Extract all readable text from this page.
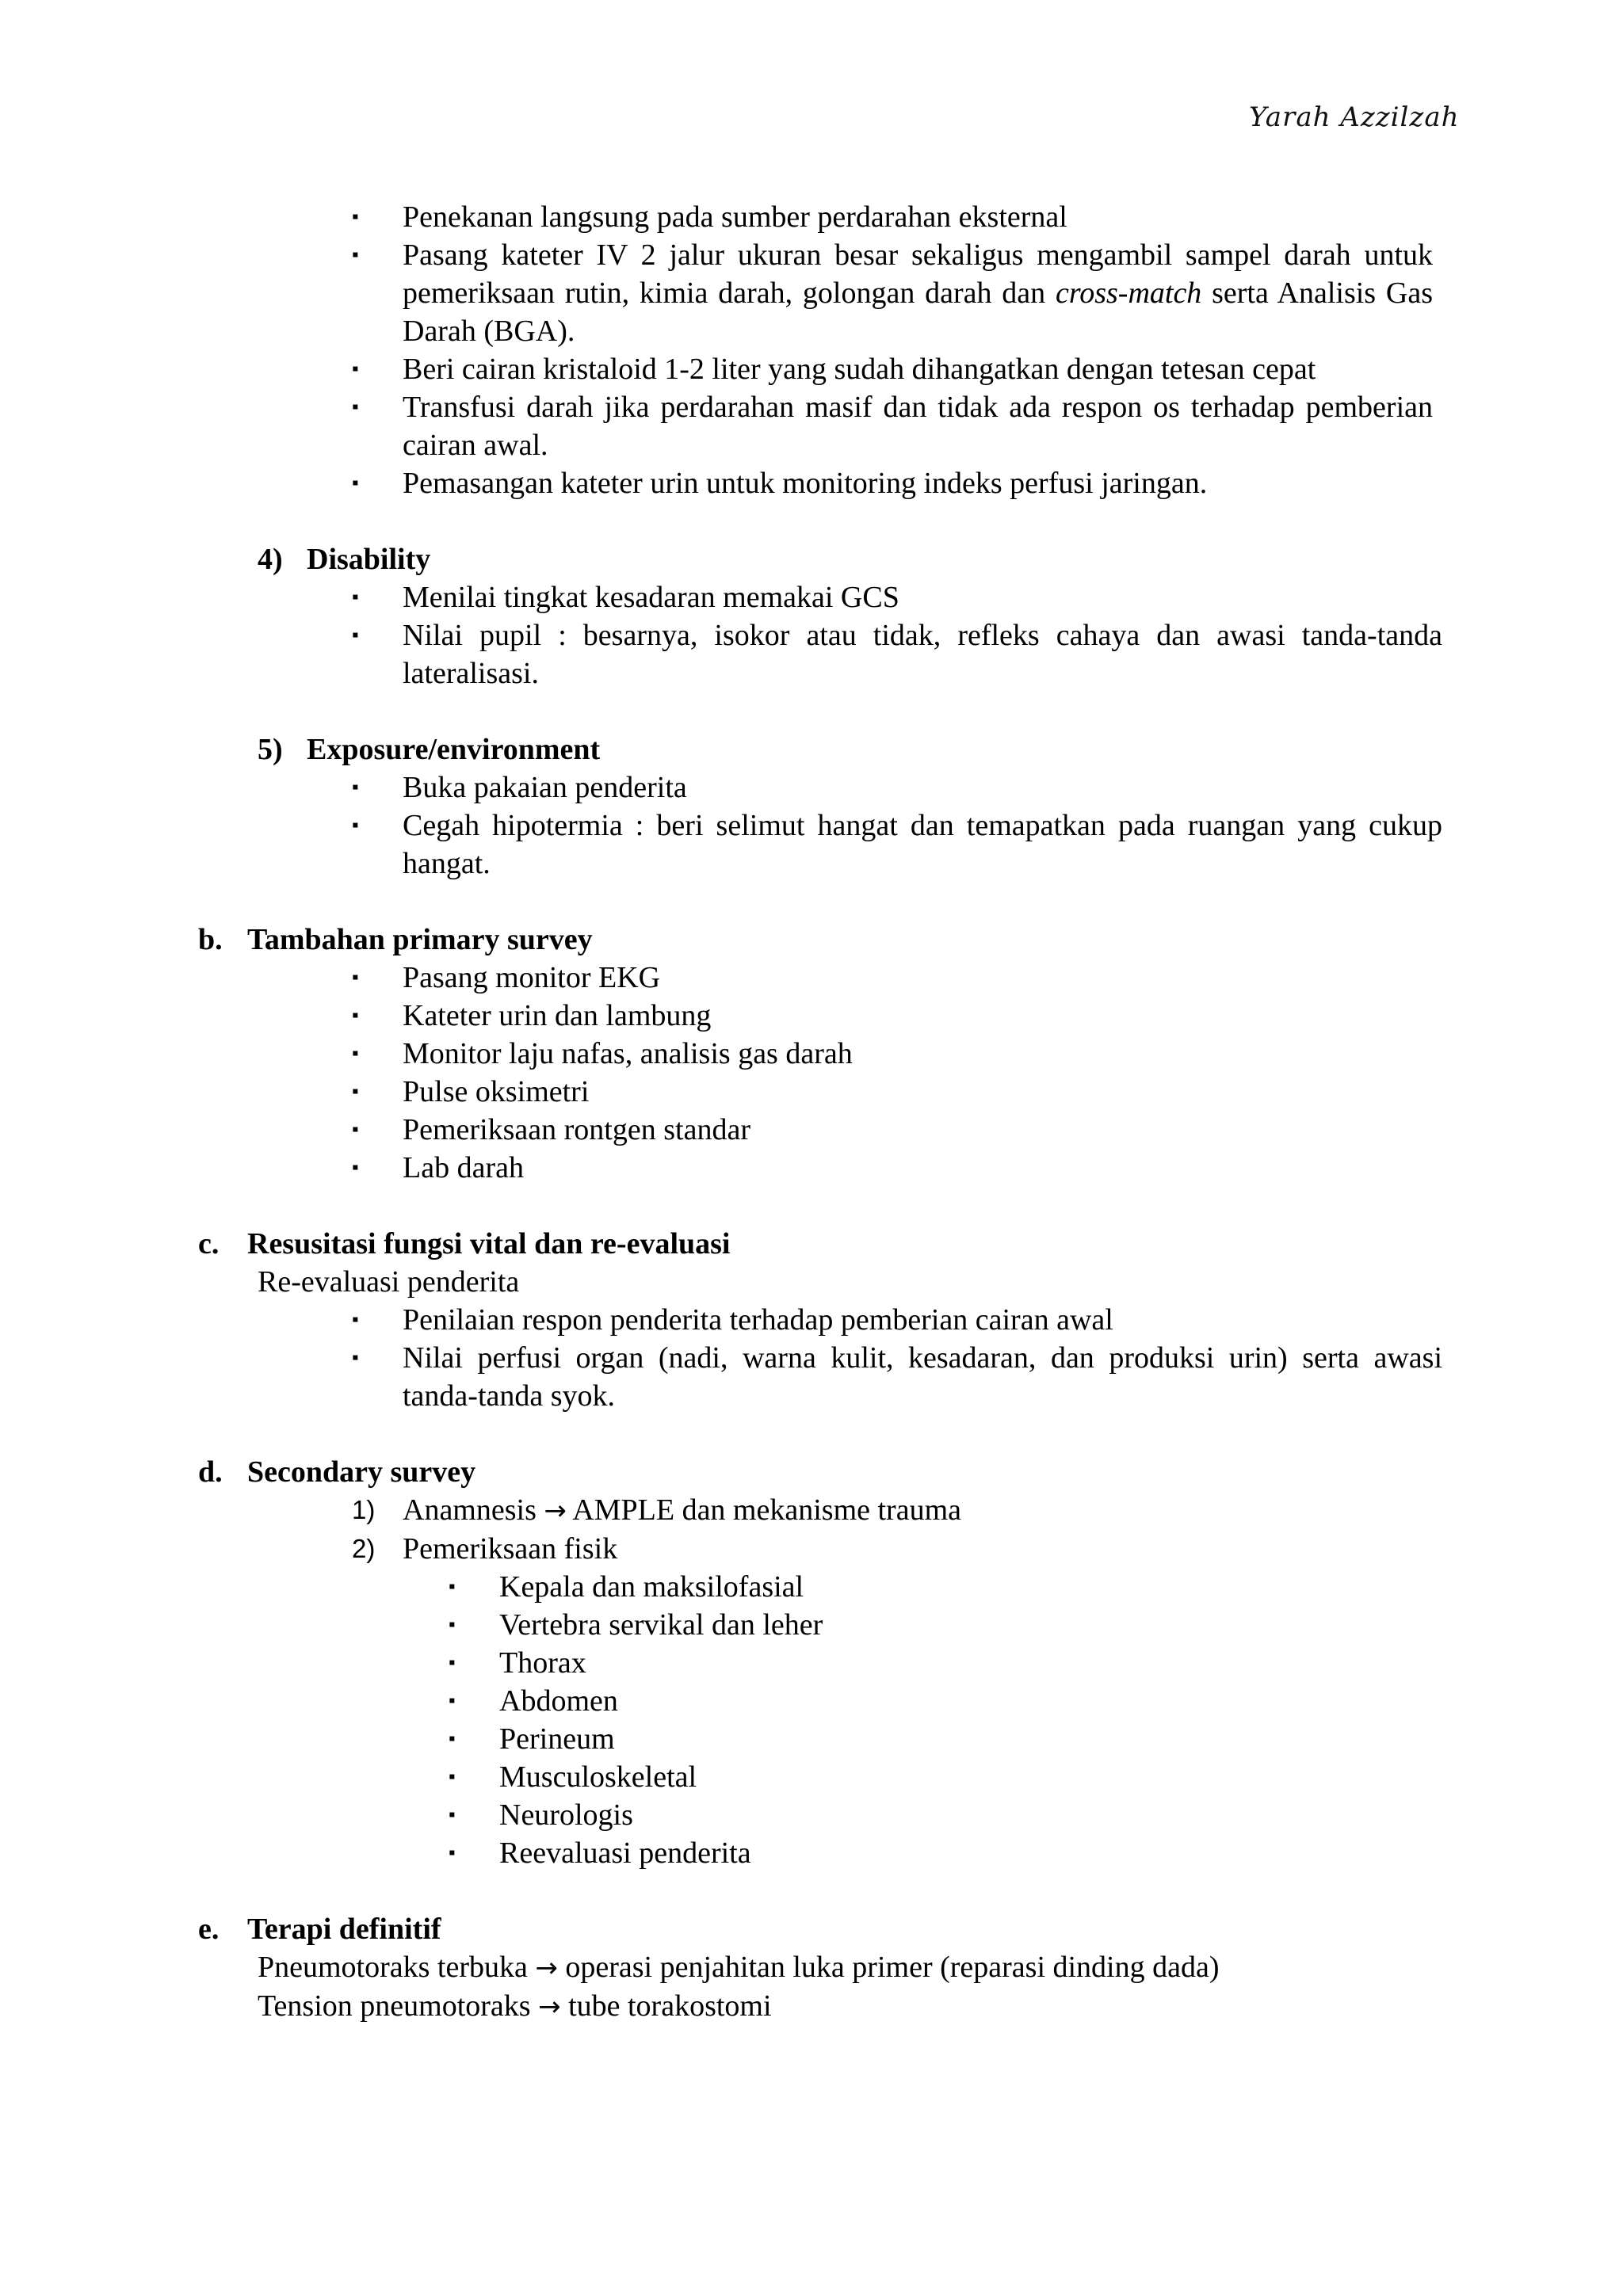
Yarah Azzilzah
▪ Penekanan langsung pada sumber perdarahan eksternal
▪ Pasang kateter IV 2 jalur ukuran besar sekaligus mengambil sampel darah untuk pemeriksaan rutin, kimia darah, golongan darah dan cross-match serta Analisis Gas Darah (BGA).
▪ Beri cairan kristaloid 1-2 liter yang sudah dihangatkan dengan tetesan cepat
▪ Transfusi darah jika perdarahan masif dan tidak ada respon os terhadap pemberian cairan awal.
▪ Pemasangan kateter urin untuk monitoring indeks perfusi jaringan.
4) Disability
▪ Menilai tingkat kesadaran memakai GCS
▪ Nilai pupil : besarnya, isokor atau tidak, refleks cahaya dan awasi tanda-tanda lateralisasi.
5) Exposure/environment
▪ Buka pakaian penderita
▪ Cegah hipotermia : beri selimut hangat dan temapatkan pada ruangan yang cukup hangat.
b. Tambahan primary survey
▪ Pasang monitor EKG
▪ Kateter urin dan lambung
▪ Monitor laju nafas, analisis gas darah
▪ Pulse oksimetri
▪ Pemeriksaan rontgen standar
▪ Lab darah
c. Resusitasi fungsi vital dan re-evaluasi
Re-evaluasi penderita
▪ Penilaian respon penderita terhadap pemberian cairan awal
▪ Nilai perfusi organ (nadi, warna kulit, kesadaran, dan produksi urin) serta awasi tanda-tanda syok.
d. Secondary survey
1) Anamnesis → AMPLE dan mekanisme trauma
2) Pemeriksaan fisik
▪ Kepala dan maksilofasial
▪ Vertebra servikal dan leher
▪ Thorax
▪ Abdomen
▪ Perineum
▪ Musculoskeletal
▪ Neurologis
▪ Reevaluasi penderita
e. Terapi definitif
Pneumotoraks terbuka → operasi penjahitan luka primer (reparasi dinding dada)
Tension pneumotoraks → tube torakostomi
